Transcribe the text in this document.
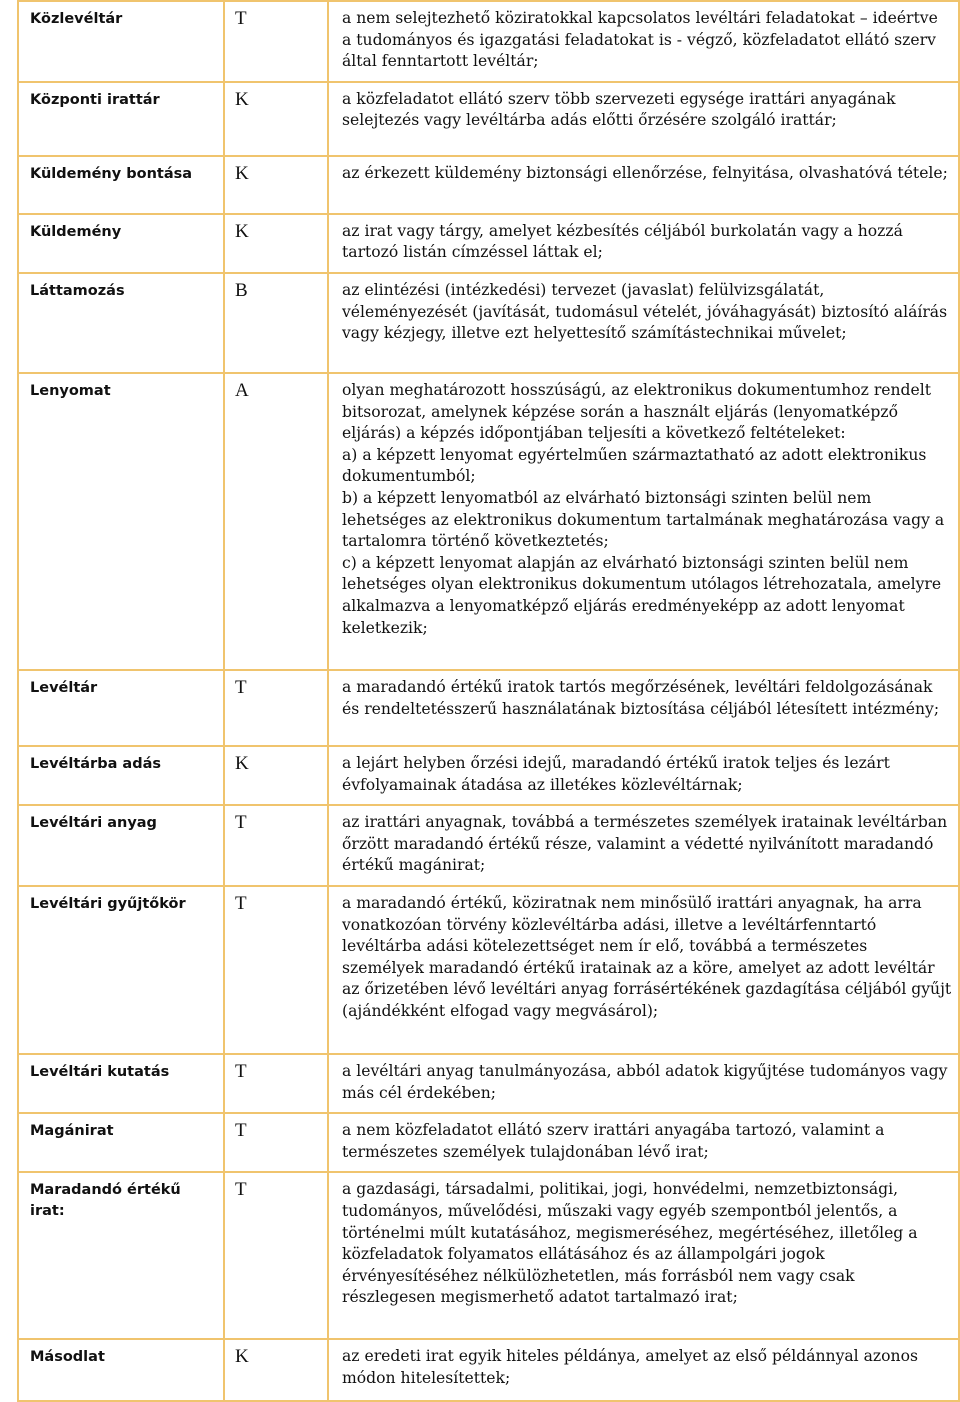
Közlevéltár	T	a nem selejtezhető köziratokkal kapcsolatos levéltári feladatokat – ideértve a tudományos és igazgatási feladatokat is - végző, közfeladatot ellátó szerv által fenntartott levéltár;

Központi irattár	K	a közfeladatot ellátó szerv több szervezeti egysége irattári anyagának selejtezés vagy levéltárba adás előtti őrzésére szolgáló irattár;

Küldemény bontása	K	az érkezett küldemény biztonsági ellenőrzése, felnyitása, olvashatóvá tétele;

Küldemény	K	az irat vagy tárgy, amelyet kézbesítés céljából burkolatán vagy a hozzá tartozó listán címzéssel láttak el;

Láttamozás	B	az elintézési (intézkedési) tervezet (javaslat) felülvizsgálatát, véleményezését (javítását, tudomásul vételét, jóváhagyását) biztosító aláírás vagy kézjegy, illetve ezt helyettesítő számítástechnikai művelet;

Lenyomat	A	olyan meghatározott hosszúságú, az elektronikus dokumentumhoz rendelt bitsorozat, amelynek képzése során a használt eljárás (lenyomatképző eljárás) a képzés időpontjában teljesíti a következő feltételeket:
a) a képzett lenyomat egyértelműen származtatható az adott elektronikus dokumentumból;
b) a képzett lenyomatból az elvárható biztonsági szinten belül nem lehetséges az elektronikus dokumentum tartalmának meghatározása vagy a tartalomra történő következtetés;
c) a képzett lenyomat alapján az elvárható biztonsági szinten belül nem lehetséges olyan elektronikus dokumentum utólagos létrehozatala, amelyre alkalmazva a lenyomatképző eljárás eredményeképp az adott lenyomat keletkezik;

Levéltár	T	a maradandó értékű iratok tartós megőrzésének, levéltári feldolgozásának és rendeltetésszerű használatának biztosítása céljából létesített intézmény;

Levéltárba adás	K	a lejárt helyben őrzési idejű, maradandó értékű iratok teljes és lezárt évfolyamainak átadása az illetékes közlevéltárnak;

Levéltári anyag	T	az irattári anyagnak, továbbá a természetes személyek iratainak levéltárban őrzött maradandó értékű része, valamint a védetté nyilvánított maradandó értékű magánirat;

Levéltári gyűjtőkör	T	a maradandó értékű, köziratnak nem minősülő irattári anyagnak, ha arra vonatkozóan törvény közlevéltárba adási, illetve a levéltárfenntartó levéltárba adási kötelezettséget nem ír elő, továbbá a természetes személyek maradandó értékű iratainak az a köre, amelyet az adott levéltár az őrizetében lévő levéltári anyag forrásértékének gazdagítása céljából gyűjt (ajándékként elfogad vagy megvásárol);

Levéltári kutatás	T	a levéltári anyag tanulmányozása, abból adatok kigyűjtése tudományos vagy más cél érdekében;

Magánirat	T	a nem közfeladatot ellátó szerv irattári anyagába tartozó, valamint a természetes személyek tulajdonában lévő irat;

Maradandó értékű irat:	T	a gazdasági, társadalmi, politikai, jogi, honvédelmi, nemzetbiztonsági, tudományos, művelődési, műszaki vagy egyéb szempontból jelentős, a történelmi múlt kutatásához, megismeréséhez, megértéséhez, illetőleg a közfeladatok folyamatos ellátásához és az állampolgári jogok érvényesítéséhez nélkülözhetetlen, más forrásból nem vagy csak részlegesen megismerhető adatot tartalmazó irat;

Másodlat	K	az eredeti irat egyik hiteles példánya, amelyet az első példánnyal azonos módon hitelesítettek;
